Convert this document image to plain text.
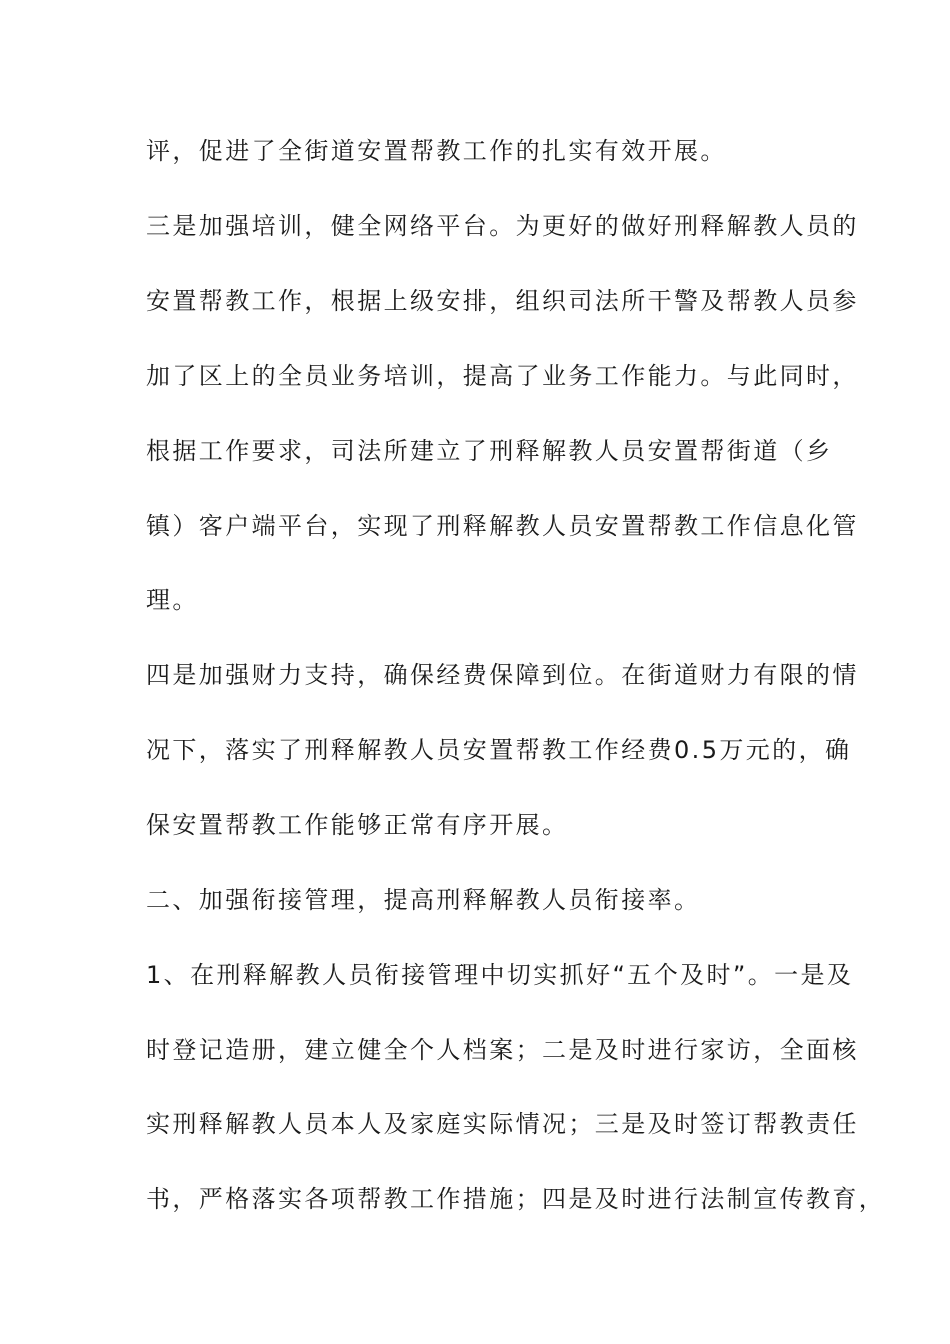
评，促进了全街道安置帮教工作的扎实有效开展。
三是加强培训，健全网络平台。为更好的做好刑释解教人员的
安置帮教工作，根据上级安排，组织司法所干警及帮教人员参
加了区上的全员业务培训，提高了业务工作能力。与此同时，
根据工作要求，司法所建立了刑释解教人员安置帮街道（乡
镇）客户端平台，实现了刑释解教人员安置帮教工作信息化管
理。
四是加强财力支持，确保经费保障到位。在街道财力有限的情
况下，落实了刑释解教人员安置帮教工作经费0.5万元的，确
保安置帮教工作能够正常有序开展。
二、加强衔接管理，提高刑释解教人员衔接率。
1、在刑释解教人员衔接管理中切实抓好“五个及时”。一是及
时登记造册，建立健全个人档案；二是及时进行家访，全面核
实刑释解教人员本人及家庭实际情况；三是及时签订帮教责任
书，严格落实各项帮教工作措施；四是及时进行法制宣传教育，
